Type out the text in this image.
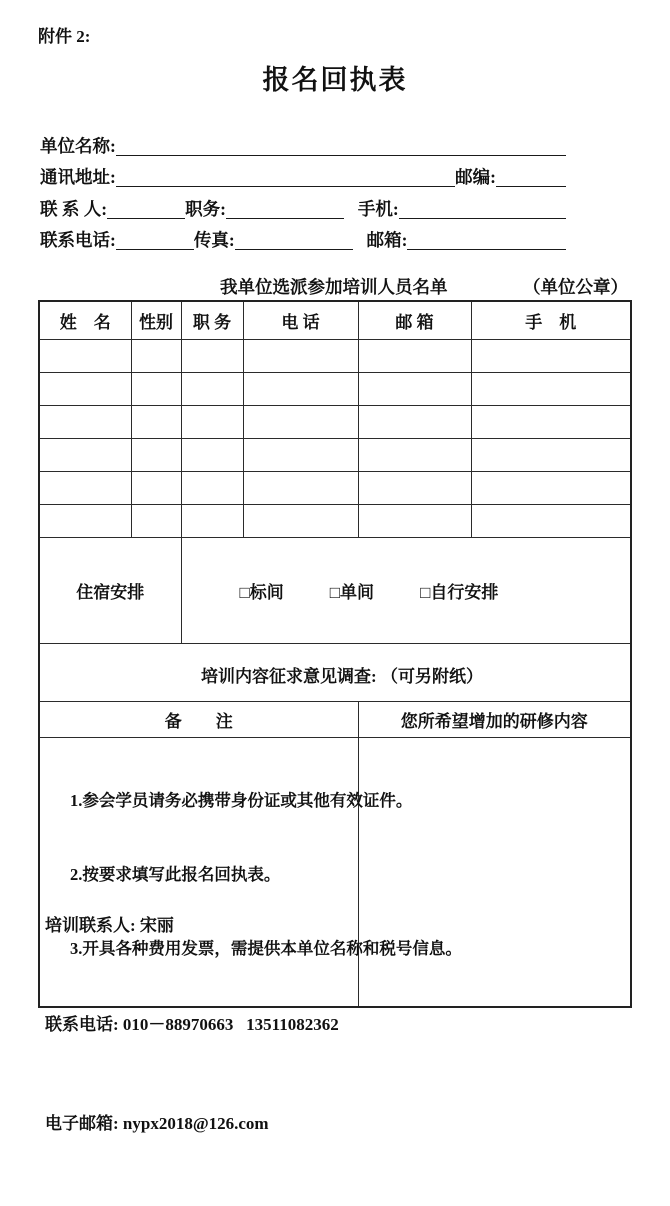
附件 2:
报名回执表
单位名称:
通讯地址:	邮编:
联 系 人:	职务:	手机:
联系电话:	传真:	邮箱:
我单位选派参加培训人员名单	（单位公章）
姓　名	性别	职 务	电 话	邮 箱	手　机

住宿安排		□标间 □单间 □自行安排			

培训内容征求意见调查: （可另附纸）					
备　　注				您所希望增加的研修内容	

1.参会学员请务必携带身份证或其他有效证件。

2.按要求填写此报名回执表。

3.开具各种费用发票，需提供本单位名称和税号信息。					

培训联系人: 宋丽

联系电话: 010－88970663   13511082362

电子邮箱: nypx2018@126.com
